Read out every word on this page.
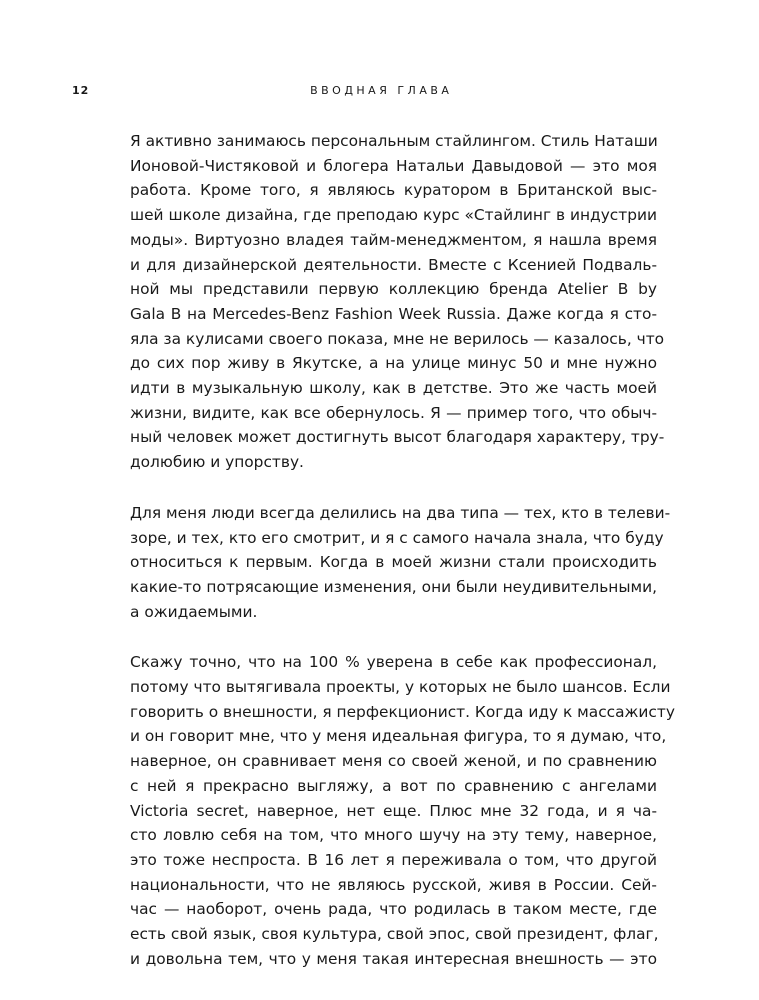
12	ВВОДНАЯ ГЛАВА
Я активно занимаюсь персональным стайлингом. Стиль Наташи
Ионовой-Чистяковой и блогера Натальи Давыдовой — это моя
работа. Кроме того, я являюсь куратором в Британской выс-
шей школе дизайна, где преподаю курс «Стайлинг в индустрии
моды». Виртуозно владея тайм-менеджментом, я нашла время
и для дизайнерской деятельности. Вместе с Ксенией Подваль-
ной мы представили первую коллекцию бренда Atelier B by
Gala B на Mercedes-Benz Fashion Week Russia. Даже когда я сто-
яла за кулисами своего показа, мне не верилось — казалось, что
до сих пор живу в Якутске, а на улице минус 50 и мне нужно
идти в музыкальную школу, как в детстве. Это же часть моей
жизни, видите, как все обернулось. Я — пример того, что обыч-
ный человек может достигнуть высот благодаря характеру, тру-
долюбию и упорству.
Для меня люди всегда делились на два типа — тех, кто в телеви-
зоре, и тех, кто его смотрит, и я с самого начала знала, что буду
относиться к первым. Когда в моей жизни стали происходить
какие-то потрясающие изменения, они были неудивительными,
а ожидаемыми.
Скажу точно, что на 100 % уверена в себе как профессионал,
потому что вытягивала проекты, у которых не было шансов. Если
говорить о внешности, я перфекционист. Когда иду к массажисту
и он говорит мне, что у меня идеальная фигура, то я думаю, что,
наверное, он сравнивает меня со своей женой, и по сравнению
с ней я прекрасно выгляжу, а вот по сравнению с ангелами
Victoria secret, наверное, нет еще. Плюс мне 32 года, и я ча-
сто ловлю себя на том, что много шучу на эту тему, наверное,
это тоже неспроста. В 16 лет я переживала о том, что другой
национальности, что не являюсь русской, живя в России. Сей-
час — наоборот, очень рада, что родилась в таком месте, где
есть свой язык, своя культура, свой эпос, свой президент, флаг,
и довольна тем, что у меня такая интересная внешность — это
